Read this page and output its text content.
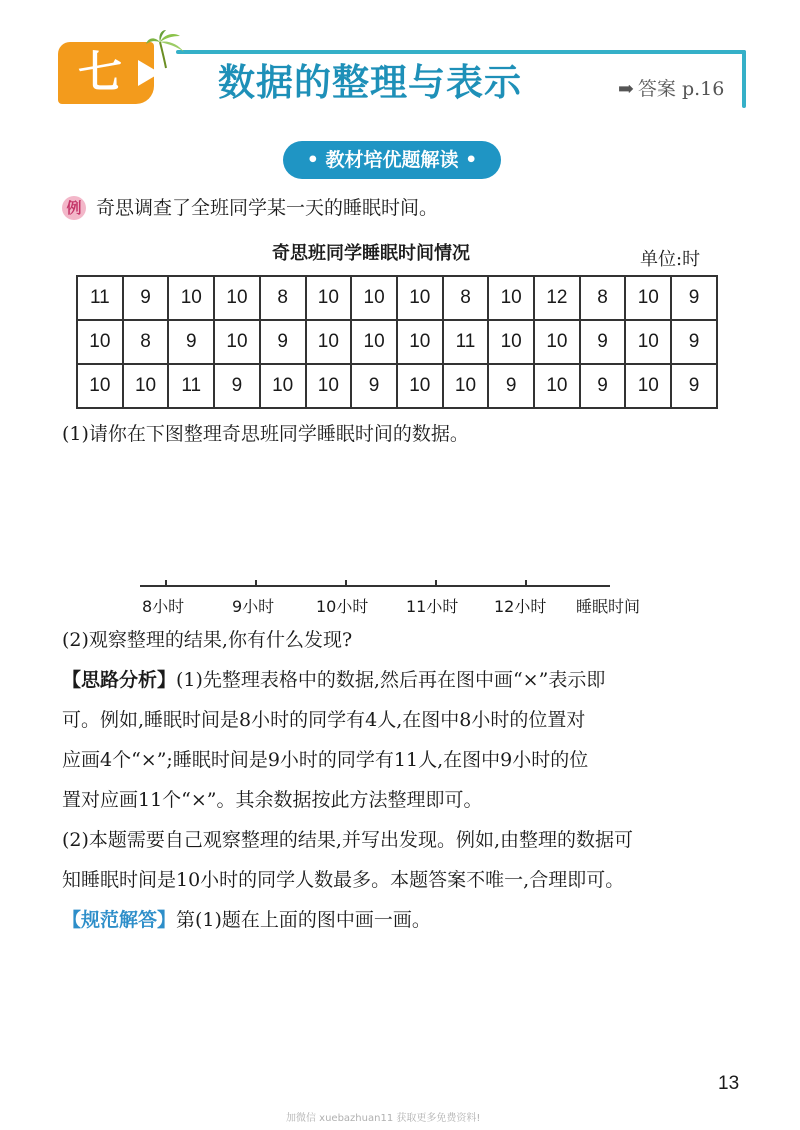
七	数据的整理与表示	➡ 答案 p.16
• 教材培优题解读 •
例 奇思调查了全班同学某一天的睡眠时间。
奇思班同学睡眠时间情况	单位:时
11	9	10	10	8	10	10	10	8	10	12	8	10	9
10	8	9	10	9	10	10	10	11	10	10	9	10	9
10	10	11	9	10	10	9	10	10	9	10	9	10	9
(1)请你在下图整理奇思班同学睡眠时间的数据。
8小时	9小时	10小时 11小时 12小时 睡眠时间
(2)观察整理的结果,你有什么发现?
【思路分析】(1)先整理表格中的数据,然后再在图中画“×”表示即
可。例如,睡眠时间是8小时的同学有4人,在图中8小时的位置对
应画4个“×”;睡眠时间是9小时的同学有11人,在图中9小时的位
置对应画11个“×”。其余数据按此方法整理即可。
(2)本题需要自己观察整理的结果,并写出发现。例如,由整理的数据可
知睡眠时间是10小时的同学人数最多。本题答案不唯一,合理即可。
【规范解答】第(1)题在上面的图中画一画。
13
加微信 xuebazhuan11 获取更多免费资料!
